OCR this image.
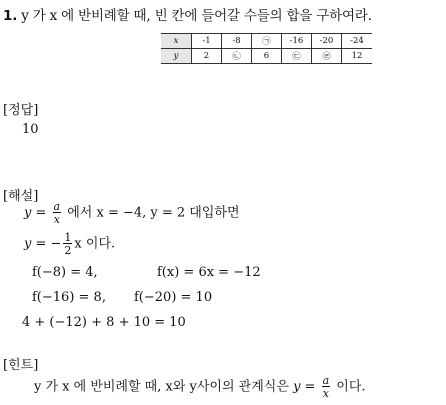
1. y 가 x 에 반비례할 때, 빈 칸에 들어갈 수들의 합을 구하여라.
x	-1	-8	㉠	-16	-20	-24
y	2	㉡	6	㉢	㉣	12
[정답]
10
[해설]
$y = \frac{a}{x}$ 에서 x = −4, y = 2 대입하면
y = − $\frac{1}{2}$ x 이다.
f(−8) = 4,	f(x) = 6x = −12
f(−16) = 8, f(−20) = 10
4 + (−12) + 8 + 10 = 10
[힌트]
y 가 x 에 반비례할 때, x와 y사이의 관계식은 $y = \frac{a}{x}$ 이다.
